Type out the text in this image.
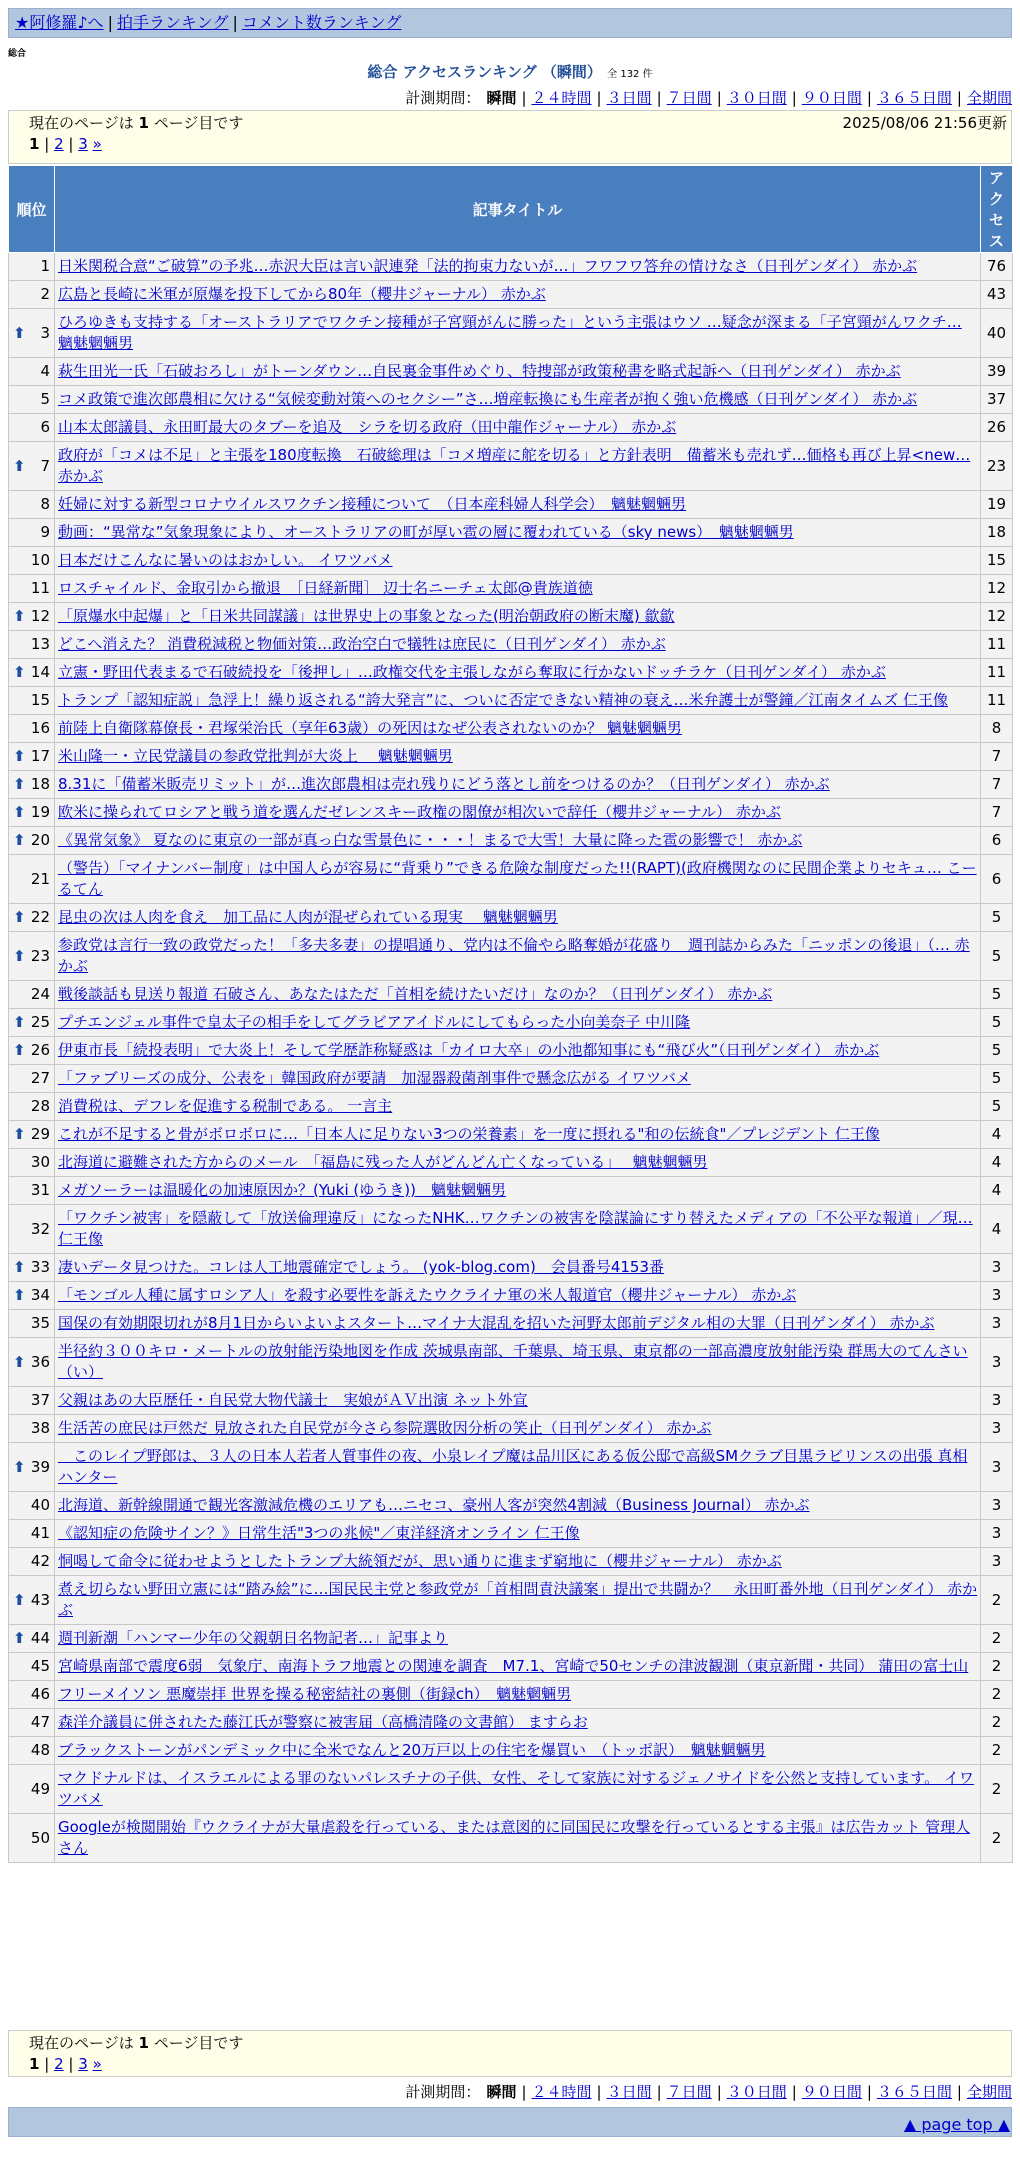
★阿修羅♪へ | 拍手ランキング | コメント数ランキング
総合
総合 アクセスランキング （瞬間） 全 132 件
計測期間： 瞬間 | ２４時間 | ３日間 | ７日間 | ３０日間 | ９０日間 | ３６５日間 | 全期間
現在のページは 1 ページ目です	2025/08/06 21:56更新
1 | 2 | 3 »
順位	記事タイトル	アクセス
1	日米関税合意“ご破算”の予兆…赤沢大臣は言い訳連発「法的拘束力ないが…」フワフワ答弁の情けなさ（日刊ゲンダイ） 赤かぶ	76
2	広島と長崎に米軍が原爆を投下してから80年（櫻井ジャーナル） 赤かぶ	43

⬆ 3	ひろゆきも支持する「オーストラリアでワクチン接種が子宮頸がんに勝った」という主張はウソ …疑念が深まる「子宮頸がんワクチ… 魑魅魍魎男	40
4	萩生田光一氏「石破おろし」がトーンダウン…自民裏金事件めぐり、特捜部が政策秘書を略式起訴へ（日刊ゲンダイ） 赤かぶ	39
5	コメ政策で進次郎農相に欠ける“気候変動対策へのセクシー”さ…増産転換にも生産者が抱く強い危機感（日刊ゲンダイ） 赤かぶ	37
6	山本太郎議員、永田町最大のタブーを追及　シラを切る政府（田中龍作ジャーナル） 赤かぶ	26

⬆ 7	政府が「コメは不足」と主張を180度転換　石破総理は「コメ増産に舵を切る」と方針表明　備蓄米も売れず…価格も再び上昇<new… 赤かぶ	23
8	妊婦に対する新型コロナウイルスワクチン接種について　（日本産科婦人科学会）　魑魅魍魎男	19
9	動画：“異常な”気象現象により、オーストラリアの町が厚い雹の層に覆われている（sky news）　魑魅魍魎男	18
10	日本だけこんなに暑いのはおかしい。 イワツバメ	15
11	ロスチャイルド、金取引から撤退　［日経新聞］ 辺士名ニーチェ太郎@貴族道徳	12

⬆ 12	「原爆水中起爆」と「日米共同謀議」は世界史上の事象となった(明治朝政府の断末魔) 歙歙	12
13	どこへ消えた？ 消費税減税と物価対策…政治空白で犠牲は庶民に（日刊ゲンダイ） 赤かぶ	11

⬆ 14	立憲・野田代表まるで石破続投を「後押し」…政権交代を主張しながら奪取に行かないドッチラケ（日刊ゲンダイ） 赤かぶ	11
15	トランプ「認知症説」急浮上！繰り返される“誇大発言”に、ついに否定できない精神の衰え…米弁護士が警鐘／江南タイムズ 仁王像	11
16	前陸上自衛隊幕僚長・君塚栄治氏（享年63歳）の死因はなぜ公表されないのか？ 魑魅魍魎男	8

⬆ 17	米山隆一・立民党議員の参政党批判が大炎上　 魑魅魍魎男	7

⬆ 18	8.31に「備蓄米販売リミット」が…進次郎農相は売れ残りにどう落とし前をつけるのか？（日刊ゲンダイ） 赤かぶ	7

⬆ 19	欧米に操られてロシアと戦う道を選んだゼレンスキー政権の閣僚が相次いで辞任（櫻井ジャーナル） 赤かぶ	7

⬆ 20	《異常気象》 夏なのに東京の一部が真っ白な雪景色に・・・！まるで大雪！大量に降った雹の影響で！ 赤かぶ	6
21	（警告）「マイナンバー制度」は中国人らが容易に“背乗り”できる危険な制度だった!!(RAPT)(政府機関なのに民間企業よりセキュ… こーるてん	6

⬆ 22	昆虫の次は人肉を食え　加工品に人肉が混ぜられている現実　 魑魅魍魎男	5

⬆ 23	参政党は言行一致の政党だった！「多夫多妻」の提唱通り、党内は不倫やら略奪婚が花盛り　週刊誌からみた「ニッポンの後退」（… 赤かぶ	5
24	戦後談話も見送り報道 石破さん、あなたはただ「首相を続けたいだけ」なのか？（日刊ゲンダイ） 赤かぶ	5

⬆ 25	プチエンジェル事件で皇太子の相手をしてグラビアアイドルにしてもらった小向美奈子 中川隆	5

⬆ 26	伊東市長「続投表明」で大炎上！そして学歴詐称疑惑は「カイロ大卒」の小池都知事にも“飛び火”（日刊ゲンダイ） 赤かぶ	5
27	「ファブリーズの成分、公表を」韓国政府が要請　加湿器殺菌剤事件で懸念広がる イワツバメ	5
28	消費税は、デフレを促進する税制である。 一言主	5

⬆ 29	これが不足すると骨がボロボロに…「日本人に足りない3つの栄養素」を一度に摂れる"和の伝統食"／プレジデント 仁王像	4
30	北海道に避難された方からのメール　「福島に残った人がどんどん亡くなっている」　 魑魅魍魎男	4
31	メガソーラーは温暖化の加速原因か？(Yuki (ゆうき))　魑魅魍魎男	4
32	「ワクチン被害」を隠蔽して「放送倫理違反」になったNHK…ワクチンの被害を陰謀論にすり替えたメディアの「不公平な報道」／現… 仁王像	4

⬆ 33	凄いデータ見つけた。コレは人工地震確定でしょう。 (yok-blog.com)　会員番号4153番	3

⬆ 34	「モンゴル人種に属すロシア人」を殺す必要性を訴えたウクライナ軍の米人報道官（櫻井ジャーナル） 赤かぶ	3
35	国保の有効期限切れが8月1日からいよいよスタート…マイナ大混乱を招いた河野太郎前デジタル相の大罪（日刊ゲンダイ） 赤かぶ	3

⬆ 36	半径約３００キロ・メートルの放射能汚染地図を作成 茨城県南部、千葉県、埼玉県、東京都の一部高濃度放射能汚染 群馬大のてんさい（い）	3
37	父親はあの大臣歴任・自民党大物代議士　実娘がＡＶ出演 ネット外宣	3
38	生活苦の庶民は戸然だ 見放された自民党が今さら参院選敗因分析の笑止（日刊ゲンダイ） 赤かぶ	3

⬆ 39	　このレイプ野郎は、３人の日本人若者人質事件の夜、小泉レイプ魔は品川区にある仮公邸で高級SMクラブ目黒ラビリンスの出張 真相ハンター	3
40	北海道、新幹線開通で観光客激減危機のエリアも…ニセコ、豪州人客が突然4割減（Business Journal） 赤かぶ	3
41	《認知症の危険サイン？》日常生活"3つの兆候"／東洋経済オンライン 仁王像	3
42	恫喝して命令に従わせようとしたトランプ大統領だが、思い通りに進まず窮地に（櫻井ジャーナル） 赤かぶ	3

⬆ 43	煮え切らない野田立憲には“踏み絵”に…国民民主党と参政党が「首相問責決議案」提出で共闘か？　永田町番外地（日刊ゲンダイ） 赤かぶ	2

⬆ 44	週刊新潮「ハンマー少年の父親朝日名物記者…」記事より	2
45	宮崎県南部で震度6弱　気象庁、南海トラフ地震との関連を調査　M7.1、宮崎で50センチの津波観測（東京新聞・共同） 蒲田の富士山	2
46	フリーメイソン 悪魔崇拝 世界を操る秘密結社の裏側（街録ch）　魑魅魍魎男	2
47	森洋介議員に併されたた藤江氏が警察に被害届（高橋清隆の文書館） ますらお	2
48	ブラックストーンがパンデミック中に全米でなんと20万戸以上の住宅を爆買い　（トッポ訳）　魑魅魍魎男	2
49	マクドナルドは、イスラエルによる罪のないパレスチナの子供、女性、そして家族に対するジェノサイドを公然と支持しています。 イワツバメ	2
50	Googleが検閲開始『ウクライナが大量虐殺を行っている、または意図的に同国民に攻撃を行っているとする主張』は広告カット 管理人さん	2
現在のページは 1 ページ目です
1 | 2 | 3 »
計測期間： 瞬間 | ２４時間 | ３日間 | ７日間 | ３０日間 | ９０日間 | ３６５日間 | 全期間
▲ page top ▲
